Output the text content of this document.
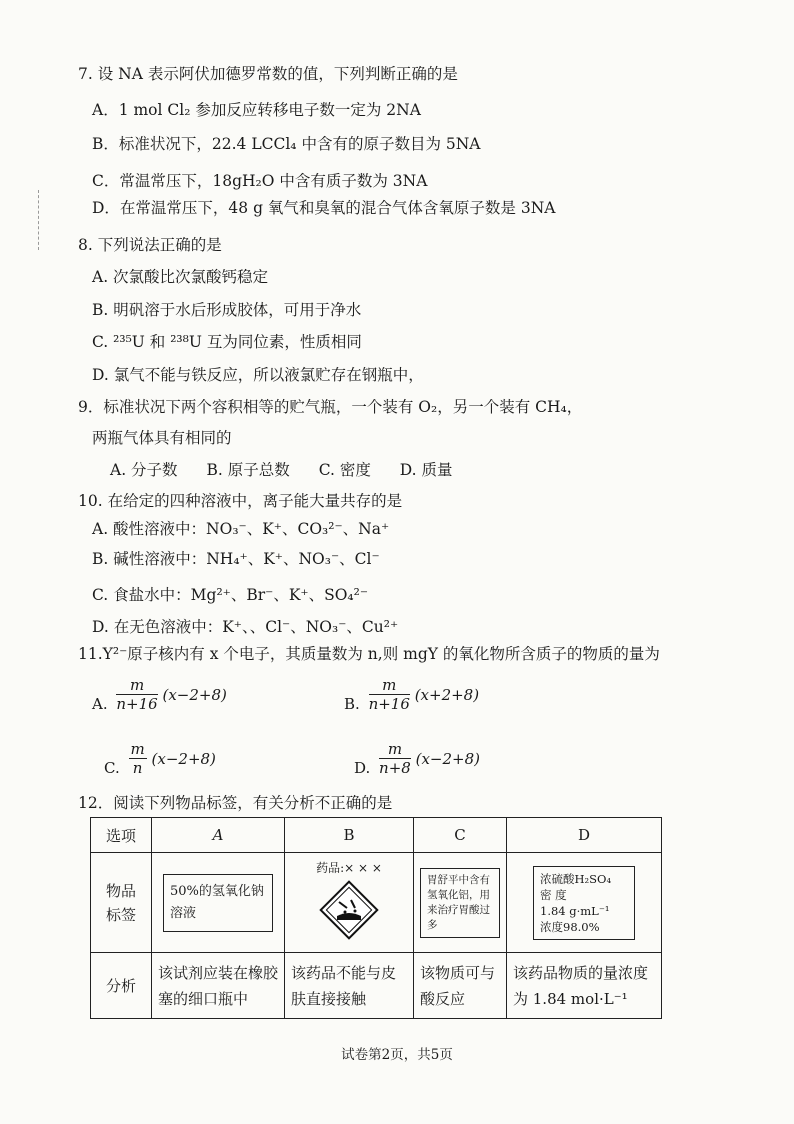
7. 设 NA 表示阿伏加德罗常数的值，下列判断正确的是
A．1 mol Cl₂ 参加反应转移电子数一定为 2NA
B．标准状况下，22.4 LCCl₄ 中含有的原子数目为 5NA
C．常温常压下，18gH₂O 中含有质子数为 3NA
D．在常温常压下，48 g 氧气和臭氧的混合气体含氧原子数是 3NA
8. 下列说法正确的是
A. 次氯酸比次氯酸钙稳定
B. 明矾溶于水后形成胶体，可用于净水
C. ²³⁵U 和 ²³⁸U 互为同位素，性质相同
D. 氯气不能与铁反应，所以液氯贮存在钢瓶中，
9．标准状况下两个容积相等的贮气瓶，一个装有 O₂，另一个装有 CH₄，
两瓶气体具有相同的
A. 分子数 B. 原子总数 C. 密度 D. 质量
10. 在给定的四种溶液中，离子能大量共存的是
A. 酸性溶液中：NO₃⁻、K⁺、CO₃²⁻、Na⁺
B. 碱性溶液中：NH₄⁺、K⁺、NO₃⁻、Cl⁻
C. 食盐水中：Mg²⁺、Br⁻、K⁺、SO₄²⁻
D. 在无色溶液中：K⁺、、Cl⁻、NO₃⁻、Cu²⁺
11.Y²⁻原子核内有 x 个电子，其质量数为 n,则 mgY 的氧化物所含质子的物质的量为
A. $\frac{m}{n+16} (x-2+8)$	B. $\frac{m}{n+16} (x+2+8)$
C. $\frac{m}{n} (x-2+8)$	D. $\frac{m}{n+8} (x-2+8)$
12．阅读下列物品标签，有关分析不正确的是
选项	A	B	C	D
物品标签	50%的氢氧化钠溶液	药品:× × ×	胃舒平中含有氢氧化铝，用来治疗胃酸过多	浓硫酸H₂SO₄
密 度
1.84 g·mL⁻¹
浓度98.0%

分析	该试剂应装在橡胶塞的细口瓶中	该药品不能与皮肤直接接触	该物质可与酸反应	该药品物质的量浓度为 1.84 mol·L⁻¹
试卷第2页，共5页
